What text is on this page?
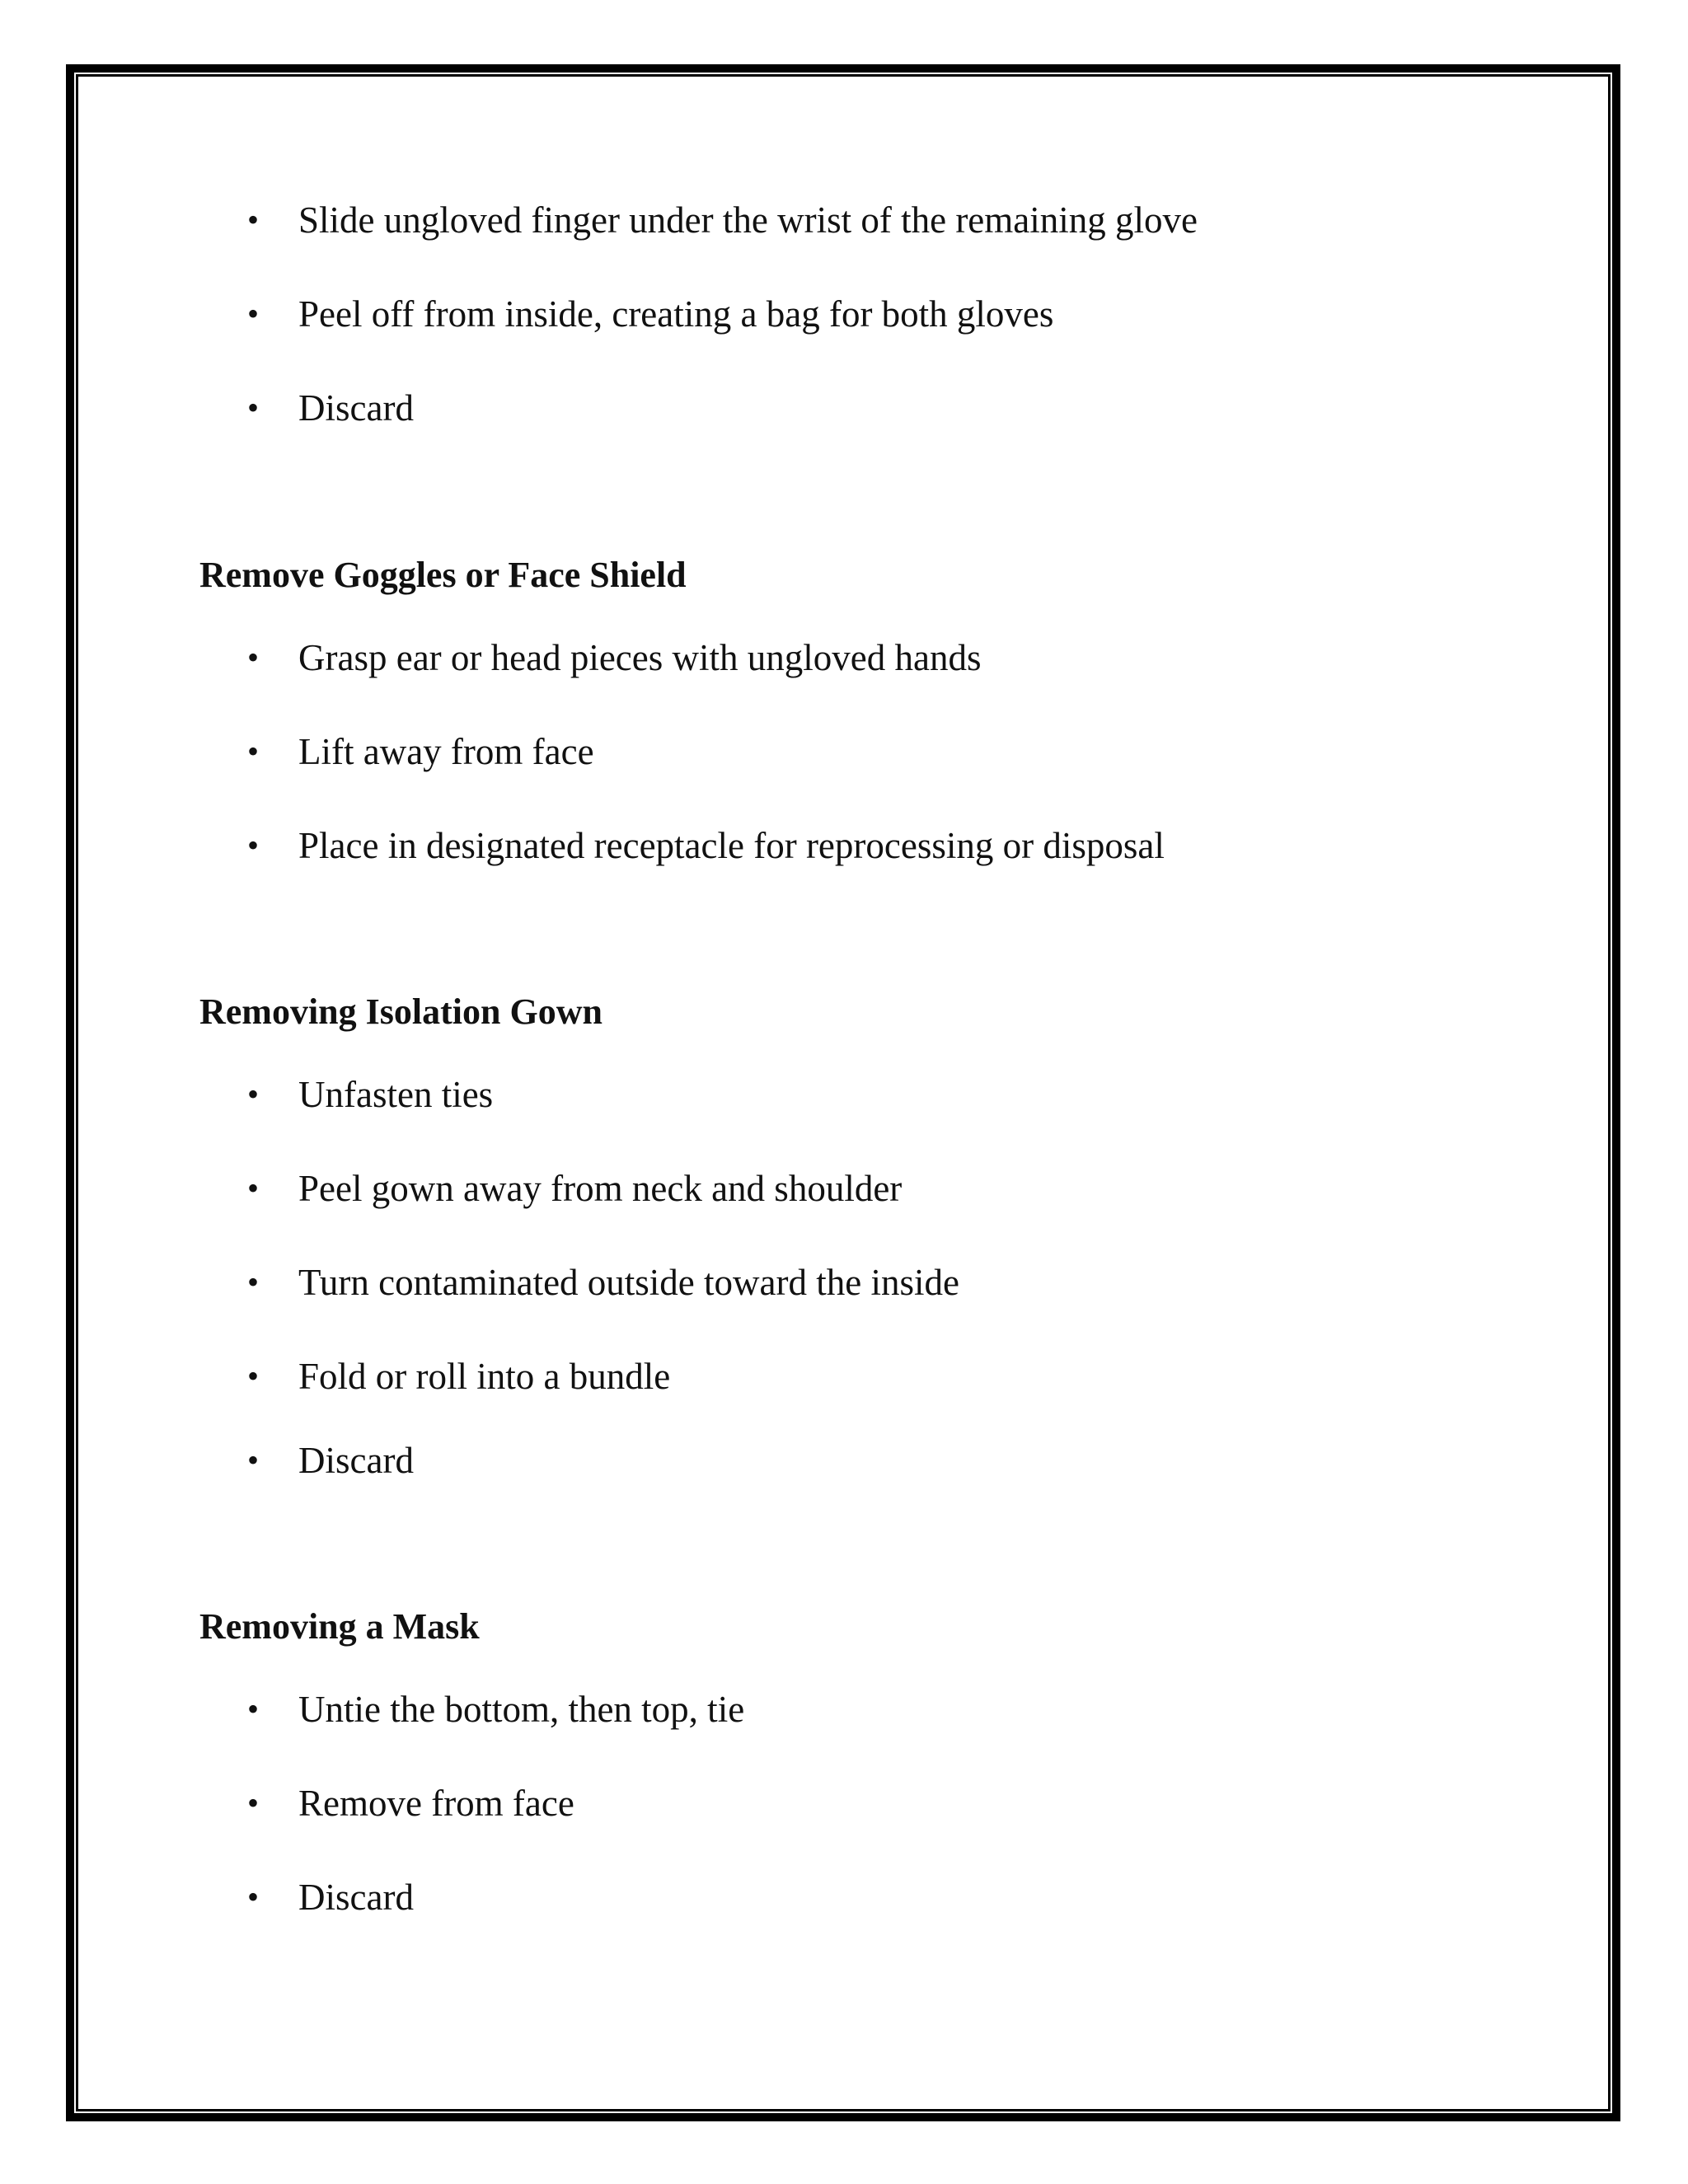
• Slide ungloved finger under the wrist of the remaining glove
• Peel off from inside, creating a bag for both gloves
• Discard
Remove Goggles or Face Shield
• Grasp ear or head pieces with ungloved hands
• Lift away from face
• Place in designated receptacle for reprocessing or disposal
Removing Isolation Gown
• Unfasten ties
• Peel gown away from neck and shoulder
• Turn contaminated outside toward the inside
• Fold or roll into a bundle
• Discard
Removing a Mask
• Untie the bottom, then top, tie
• Remove from face
• Discard
